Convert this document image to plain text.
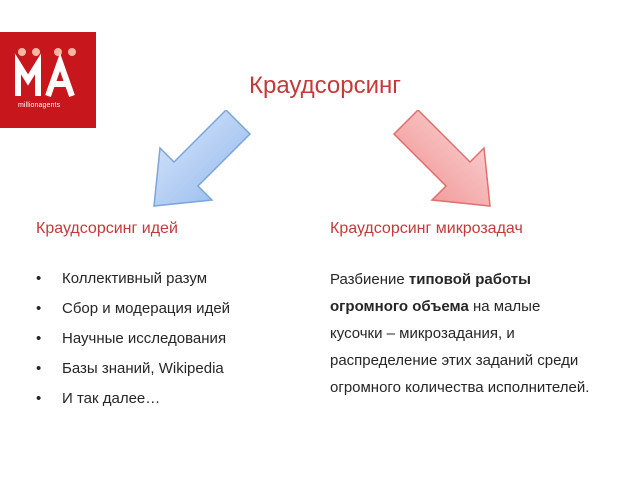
millionagents
Краудсорсинг
Краудсорсинг идей	Краудсорсинг микрозадач
• Коллективный разум
• Сбор и модерация идей
• Научные исследования
• Базы знаний, Wikipedia
• И так далее…
Разбиение типовой работы огромного объема на малые кусочки – микрозадания, и распределение этих заданий среди огромного количества исполнителей.
